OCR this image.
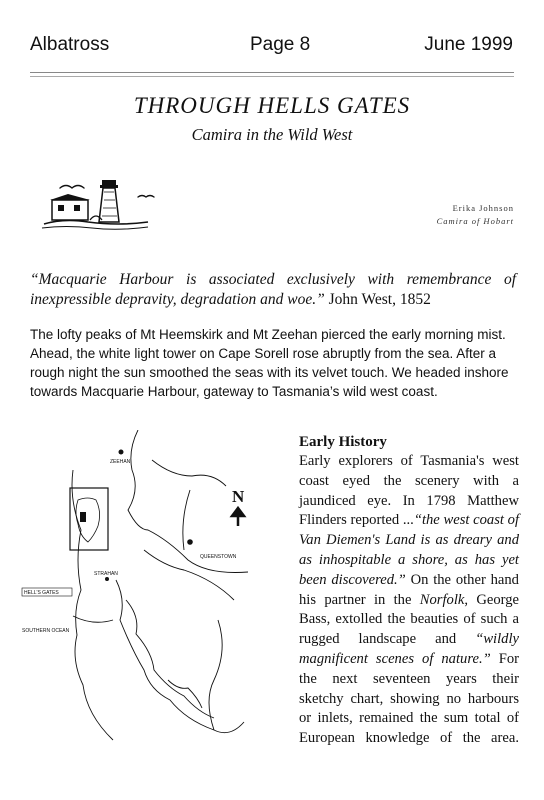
Albatross	Page 8	June 1999
THROUGH HELLS GATES
Camira in the Wild West
Erika Johnson
Camira of Hobart
“Macquarie Harbour is associated exclusively with remembrance of inexpressible depravity, degradation and woe.” John West, 1852
The lofty peaks of Mt Heemskirk and Mt Zeehan pierced the early morning mist. Ahead, the white light tower on Cape Sorell rose abruptly from the sea. After a rough night the sun smoothed the seas with its velvet touch. We headed inshore towards Macquarie Harbour, gateway to Tasmania’s wild west coast.
ZEEHAN
QUEENSTOWN
STRAHAN
HELL'S GATES
SOUTHERN OCEAN
N
Early History

Early explorers of Tasmania's west coast eyed the scenery with a jaundiced eye. In 1798 Matthew Flinders reported ...“the west coast of Van Diemen's Land is as dreary and as inhospitable a shore, as has yet been discovered.” On the other hand his partner in the Norfolk, George Bass, extolled the beauties of such a rugged landscape and “wildly magnificent scenes of nature.” For the next seventeen years their sketchy chart, showing no harbours or inlets, remained the sum total of European knowledge of the area.
